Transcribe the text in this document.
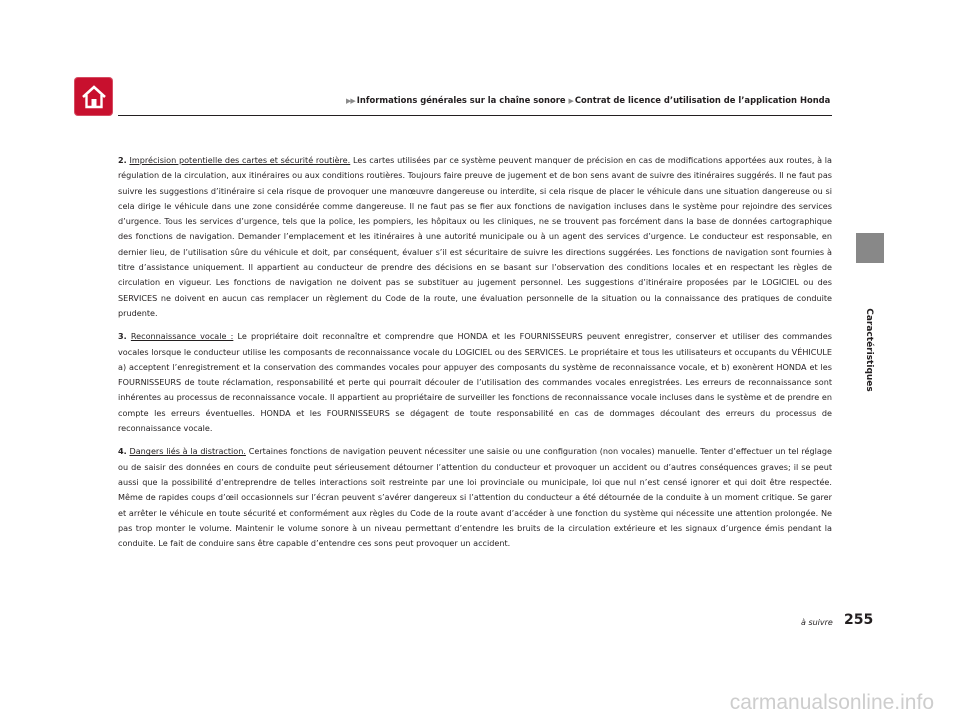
▶▶ Informations générales sur la chaîne sonore ▶ Contrat de licence d’utilisation de l’application Honda
Caractéristiques

2. Imprécision potentielle des cartes et sécurité routière. Les cartes utilisées par ce système peuvent manquer de précision en cas de modifications apportées aux routes, à la régulation de la circulation, aux itinéraires ou aux conditions routières. Toujours faire preuve de jugement et de bon sens avant de suivre des itinéraires suggérés. Il ne faut pas suivre les suggestions d’itinéraire si cela risque de provoquer une manœuvre dangereuse ou interdite, si cela risque de placer le véhicule dans une situation dangereuse ou si cela dirige le véhicule dans une zone considérée comme dangereuse. Il ne faut pas se fier aux fonctions de navigation incluses dans le système pour rejoindre des services d’urgence. Tous les services d’urgence, tels que la police, les pompiers, les hôpitaux ou les cliniques, ne se trouvent pas forcément dans la base de données cartographique des fonctions de navigation. Demander l’emplacement et les itinéraires à une autorité municipale ou à un agent des services d’urgence. Le conducteur est responsable, en dernier lieu, de l’utilisation sûre du véhicule et doit, par conséquent, évaluer s’il est sécuritaire de suivre les directions suggérées. Les fonctions de navigation sont fournies à titre d’assistance uniquement. Il appartient au conducteur de prendre des décisions en se basant sur l’observation des conditions locales et en respectant les règles de circulation en vigueur. Les fonctions de navigation ne doivent pas se substituer au jugement personnel. Les suggestions d’itinéraire proposées par le LOGICIEL ou des SERVICES ne doivent en aucun cas remplacer un règlement du Code de la route, une évaluation personnelle de la situation ou la connaissance des pratiques de conduite prudente.

3. Reconnaissance vocale : Le propriétaire doit reconnaître et comprendre que HONDA et les FOURNISSEURS peuvent enregistrer, conserver et utiliser des commandes vocales lorsque le conducteur utilise les composants de reconnaissance vocale du LOGICIEL ou des SERVICES. Le propriétaire et tous les utilisateurs et occupants du VÉHICULE a) acceptent l’enregistrement et la conservation des commandes vocales pour appuyer des composants du système de reconnaissance vocale, et b) exonèrent HONDA et les FOURNISSEURS de toute réclamation, responsabilité et perte qui pourrait découler de l’utilisation des commandes vocales enregistrées. Les erreurs de reconnaissance sont inhérentes au processus de reconnaissance vocale. Il appartient au propriétaire de surveiller les fonctions de reconnaissance vocale incluses dans le système et de prendre en compte les erreurs éventuelles. HONDA et les FOURNISSEURS se dégagent de toute responsabilité en cas de dommages découlant des erreurs du processus de reconnaissance vocale.

4. Dangers liés à la distraction. Certaines fonctions de navigation peuvent nécessiter une saisie ou une configuration (non vocales) manuelle. Tenter d’effectuer un tel réglage ou de saisir des données en cours de conduite peut sérieusement détourner l’attention du conducteur et provoquer un accident ou d’autres conséquences graves; il se peut aussi que la possibilité d’entreprendre de telles interactions soit restreinte par une loi provinciale ou municipale, loi que nul n’est censé ignorer et qui doit être respectée. Même de rapides coups d’œil occasionnels sur l’écran peuvent s’avérer dangereux si l’attention du conducteur a été détournée de la conduite à un moment critique. Se garer et arrêter le véhicule en toute sécurité et conformément aux règles du Code de la route avant d’accéder à une fonction du système qui nécessite une attention prolongée. Ne pas trop monter le volume. Maintenir le volume sonore à un niveau permettant d’entendre les bruits de la circulation extérieure et les signaux d’urgence émis pendant la conduite. Le fait de conduire sans être capable d’entendre ces sons peut provoquer un accident.

à suivre 255
carmanualsonline.info
